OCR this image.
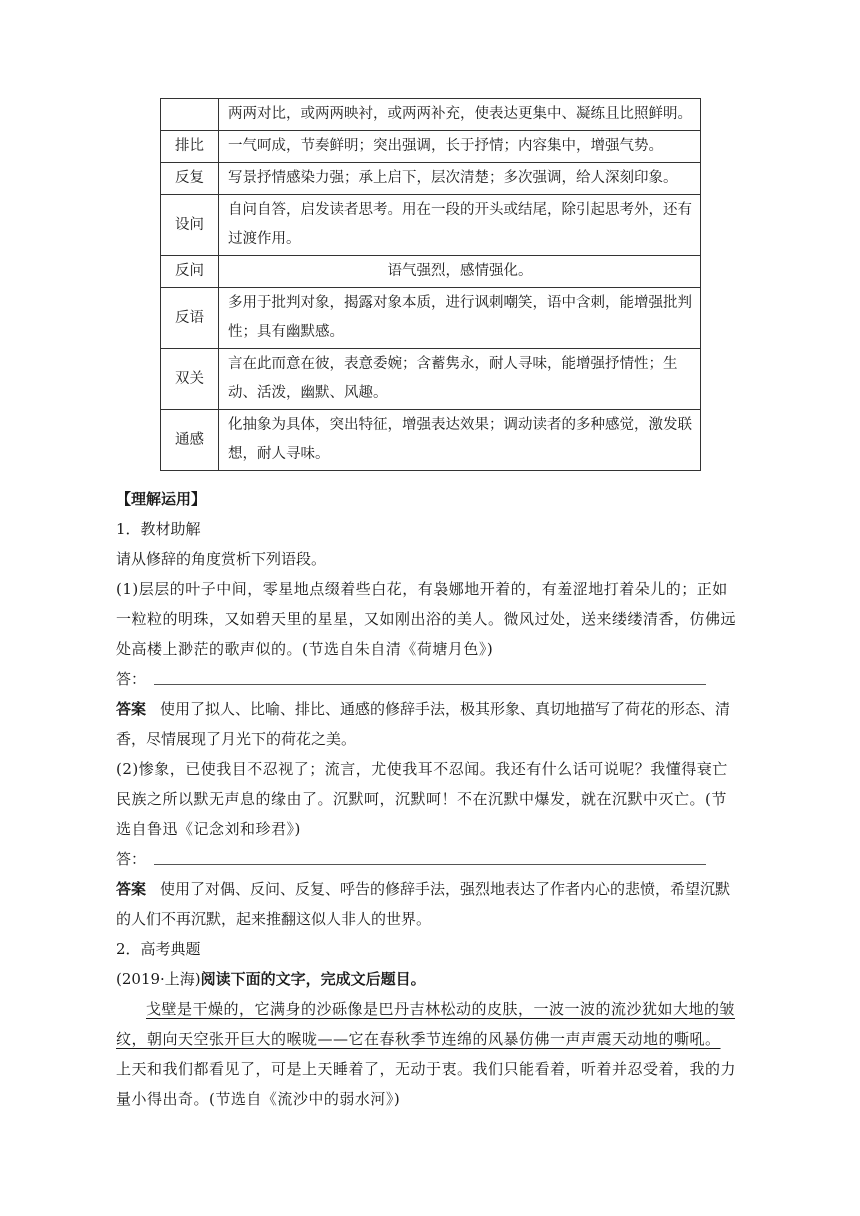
	两两对比，或两两映衬，或两两补充，使表达更集中、凝练且比照鲜明。
排比	一气呵成，节奏鲜明；突出强调，长于抒情；内容集中，增强气势。
反复	写景抒情感染力强；承上启下，层次清楚；多次强调，给人深刻印象。
设问	自问自答，启发读者思考。用在一段的开头或结尾，除引起思考外，还有过渡作用。
反问	语气强烈，感情强化。
反语	多用于批判对象，揭露对象本质，进行讽刺嘲笑，语中含刺，能增强批判性；具有幽默感。
双关	言在此而意在彼，表意委婉；含蓄隽永，耐人寻味，能增强抒情性；生动、活泼，幽默、风趣。
通感	化抽象为具体，突出特征，增强表达效果；调动读者的多种感觉，激发联想，耐人寻味。
【理解运用】
1．教材助解
请从修辞的角度赏析下列语段。
(1)层层的叶子中间，零星地点缀着些白花，有袅娜地开着的，有羞涩地打着朵儿的；正如一粒粒的明珠，又如碧天里的星星，又如刚出浴的美人。微风过处，送来缕缕清香，仿佛远处高楼上渺茫的歌声似的。(节选自朱自清《荷塘月色》)
答：
答案 使用了拟人、比喻、排比、通感的修辞手法，极其形象、真切地描写了荷花的形态、清香，尽情展现了月光下的荷花之美。
(2)惨象，已使我目不忍视了；流言，尤使我耳不忍闻。我还有什么话可说呢？我懂得衰亡民族之所以默无声息的缘由了。沉默呵，沉默呵！不在沉默中爆发，就在沉默中灭亡。(节选自鲁迅《记念刘和珍君》)
答：
答案 使用了对偶、反问、反复、呼告的修辞手法，强烈地表达了作者内心的悲愤，希望沉默的人们不再沉默，起来推翻这似人非人的世界。
2．高考典题
(2019·上海)阅读下面的文字，完成文后题目。
戈壁是干燥的，它满身的沙砾像是巴丹吉林松动的皮肤，一波一波的流沙犹如大地的皱纹，朝向天空张开巨大的喉咙——它在春秋季节连绵的风暴仿佛一声声震天动地的嘶吼。上天和我们都看见了，可是上天睡着了，无动于衷。我们只能看着，听着并忍受着，我的力量小得出奇。(节选自《流沙中的弱水河》)
